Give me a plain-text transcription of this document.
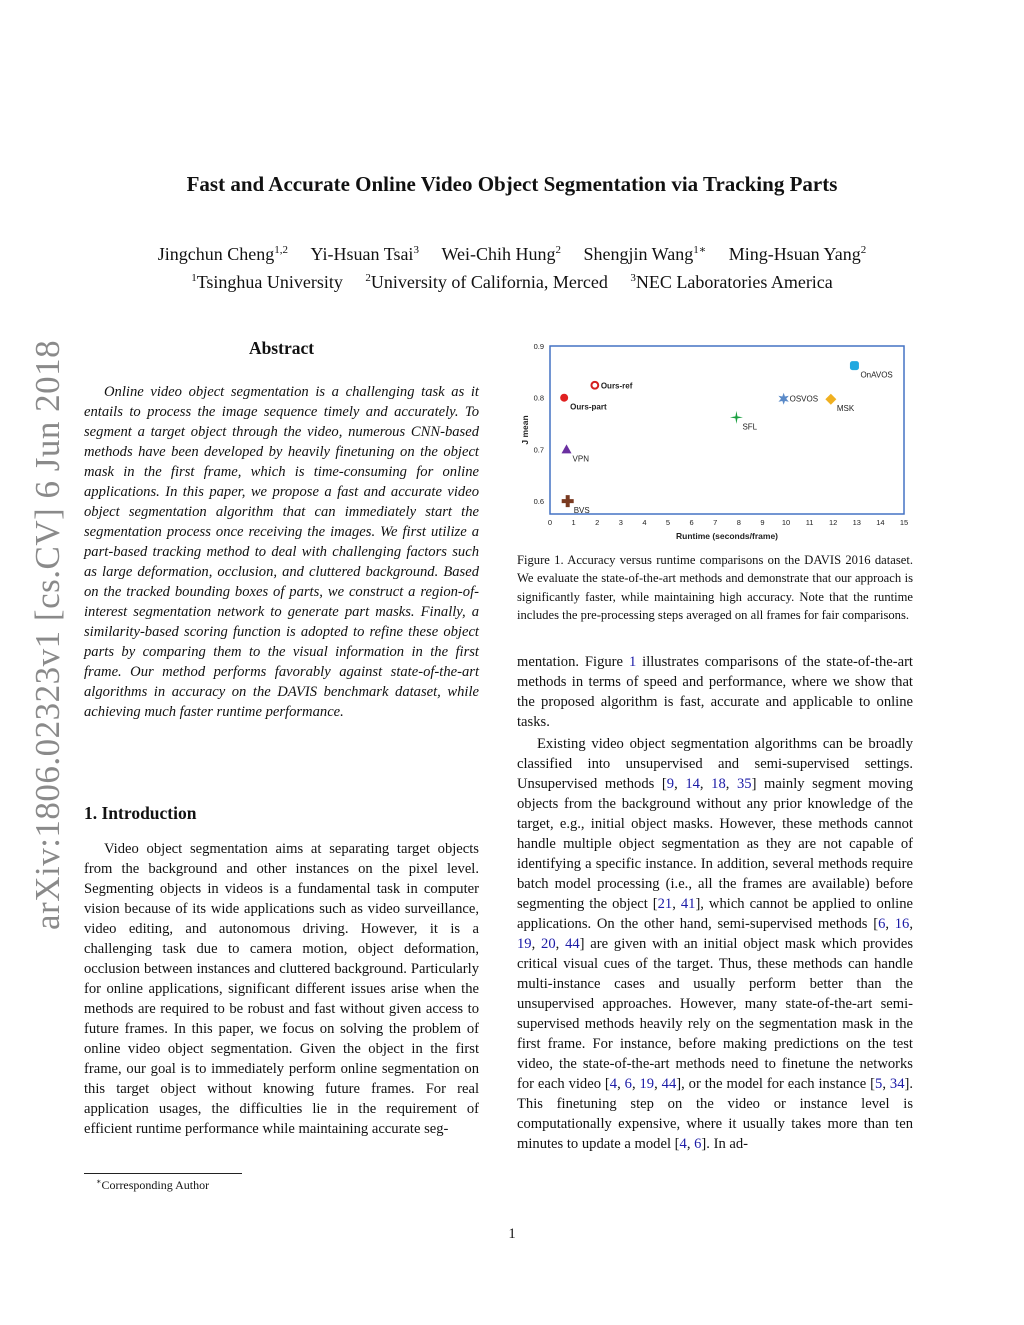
arXiv:1806.02323v1 [cs.CV] 6 Jun 2018
Fast and Accurate Online Video Object Segmentation via Tracking Parts
Jingchun Cheng$^{1,2}$ Yi-Hsuan Tsai$^3$ Wei-Chih Hung$^2$ Shengjin Wang$^{1∗}$ Ming-Hsuan Yang$^2$
$^1$Tsinghua University $^2$University of California, Merced $^3$NEC Laboratories America
Abstract
Online video object segmentation is a challenging task as it entails to process the image sequence timely and accurately. To segment a target object through the video, numerous CNN-based methods have been developed by heavily finetuning on the object mask in the first frame, which is time-consuming for online applications. In this paper, we propose a fast and accurate video object segmentation algorithm that can immediately start the segmentation process once receiving the images. We first utilize a part-based tracking method to deal with challenging factors such as large deformation, occlusion, and cluttered background. Based on the tracked bounding boxes of parts, we construct a region-of-interest segmentation network to generate part masks. Finally, a similarity-based scoring function is adopted to refine these object parts by comparing them to the visual information in the first frame. Our method performs favorably against state-of-the-art algorithms in accuracy on the DAVIS benchmark dataset, while achieving much faster runtime performance.
1. Introduction
Video object segmentation aims at separating target objects from the background and other instances on the pixel level. Segmenting objects in videos is a fundamental task in computer vision because of its wide applications such as video surveillance, video editing, and autonomous driving. However, it is a challenging task due to camera motion, object deformation, occlusion between instances and cluttered background. Particularly for online applications, significant different issues arise when the methods are required to be robust and fast without given access to future frames. In this paper, we focus on solving the problem of online video object segmentation. Given the object in the first frame, our goal is to immediately perform online segmentation on this target object without knowing future frames. For real application usages, the difficulties lie in the requirement of efficient runtime performance while maintaining accurate seg-
∗Corresponding Author
0	1	2	3	4	5	6	7	8	9 10 11 12 13 14 15
0.6
0.7
0.8
0.9
Runtime (seconds/frame)
J mean
Ours-ref
Ours-part
VPN
BVS
SFL
OSVOS
MSK
OnAVOS
Figure 1. Accuracy versus runtime comparisons on the DAVIS 2016 dataset. We evaluate the state-of-the-art methods and demonstrate that our approach is significantly faster, while maintaining high accuracy. Note that the runtime includes the pre-processing steps averaged on all frames for fair comparisons.

mentation. Figure 1 illustrates comparisons of the state-of-the-art methods in terms of speed and performance, where we show that the proposed algorithm is fast, accurate and applicable to online tasks.

Existing video object segmentation algorithms can be broadly classified into unsupervised and semi-supervised settings. Unsupervised methods [9, 14, 18, 35] mainly segment moving objects from the background without any prior knowledge of the target, e.g., initial object masks. However, these methods cannot handle multiple object segmentation as they are not capable of identifying a specific instance. In addition, several methods require batch model processing (i.e., all the frames are available) before segmenting the object [21, 41], which cannot be applied to online applications. On the other hand, semi-supervised methods [6, 16, 19, 20, 44] are given with an initial object mask which provides critical visual cues of the target. Thus, these methods can handle multi-instance cases and usually perform better than the unsupervised approaches. However, many state-of-the-art semi-supervised methods heavily rely on the segmentation mask in the first frame. For instance, before making predictions on the test video, the state-of-the-art methods need to finetune the networks for each video [4, 6, 19, 44], or the model for each instance [5, 34]. This finetuning step on the video or instance level is computationally expensive, where it usually takes more than ten minutes to update a model [4, 6]. In ad-

1
